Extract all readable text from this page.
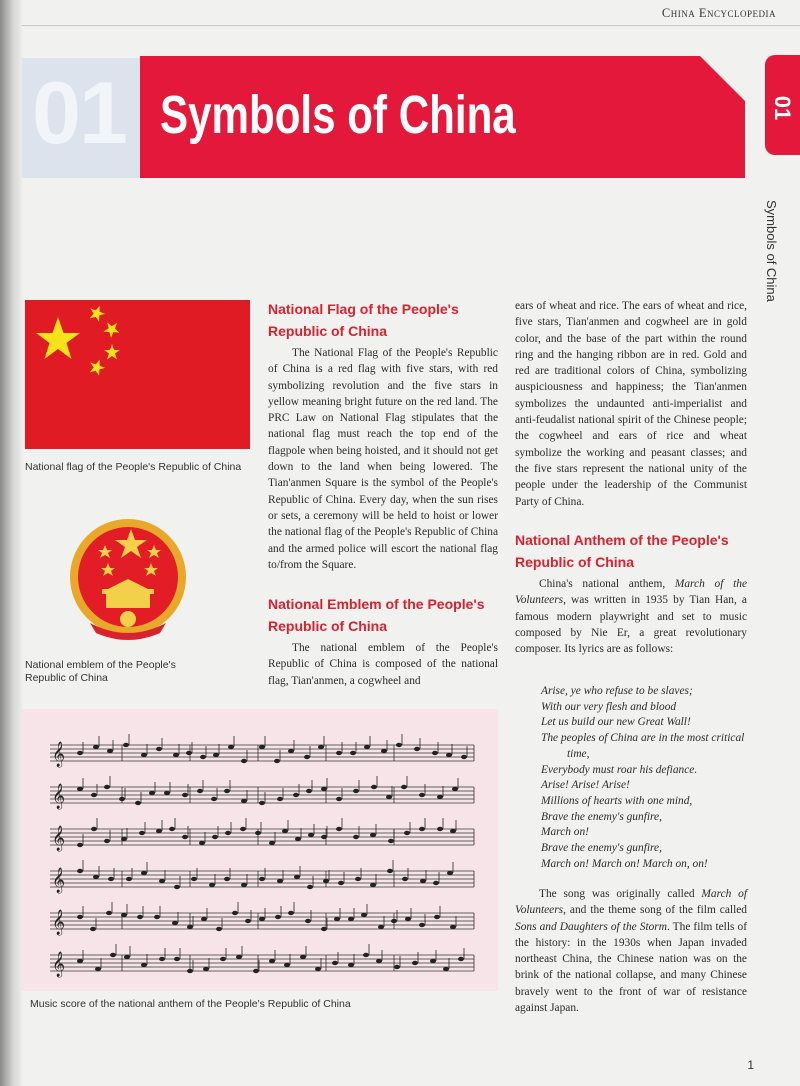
China Encyclopedia
01 Symbols of China	01
Symbols of China
National flag of the People's Republic of China
National emblem of the People's
Republic of China
National Flag of the People's
Republic of China

The National Flag of the People's Republic of China is a red flag with five stars, with red symbolizing revolution and the five stars in yellow meaning bright future on the red land. The PRC Law on National Flag stipulates that the national flag must reach the top end of the flagpole when being hoisted, and it should not get down to the land when being lowered. The Tian'anmen Square is the symbol of the People's Republic of China. Every day, when the sun rises or sets, a ceremony will be held to hoist or lower the national flag of the People's Republic of China and the armed police will escort the national flag to/from the Square.

National Emblem of the People's
Republic of China

The national emblem of the People's Republic of China is composed of the national flag, Tian'anmen, a cogwheel and

ears of wheat and rice. The ears of wheat and rice, five stars, Tian'anmen and cogwheel are in gold color, and the base of the part within the round ring and the hanging ribbon are in red. Gold and red are traditional colors of China, symbolizing auspiciousness and happiness; the Tian'anmen symbolizes the undaunted anti-imperialist and anti-feudalist national spirit of the Chinese people; the cogwheel and ears of rice and wheat symbolize the working and peasant classes; and the five stars represent the national unity of the people under the leadership of the Communist Party of China.

National Anthem of the People's
Republic of China

China's national anthem, March of the Volunteers, was written in 1935 by Tian Han, a famous modern playwright and set to music composed by Nie Er, a great revolutionary composer. Its lyrics are as follows:

Arise, ye who refuse to be slaves;
With our very flesh and blood
Let us build our new Great Wall!
The peoples of China are in the most critical time,
Everybody must roar his defiance.
Arise! Arise! Arise!
Millions of hearts with one mind,
Brave the enemy's gunfire,
March on!
Brave the enemy's gunfire,
March on! March on! March on, on!

The song was originally called March of Volunteers, and the theme song of the film called Sons and Daughters of the Storm. The film tells of the history: in the 1930s when Japan invaded northeast China, the Chinese nation was on the brink of the national collapse, and many Chinese bravely went to the front of war of resistance against Japan.

𝄞
𝄞
𝄞
𝄞
𝄞
𝄞
Music score of the national anthem of the People's Republic of China
1
